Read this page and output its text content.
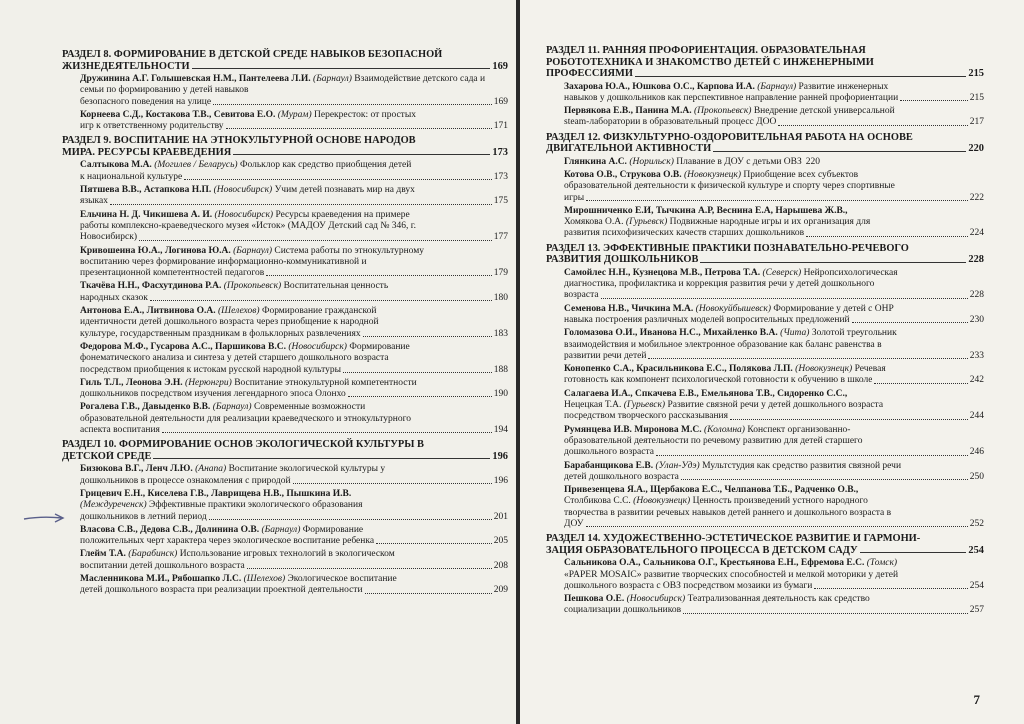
РАЗДЕЛ 8. ФОРМИРОВАНИЕ В ДЕТСКОЙ СРЕДЕ НАВЫКОВ БЕЗОПАСНОЙ
ЖИЗНЕДЕЯТЕЛЬНОСТИ	169
Дружинина А.Г. Голышевская Н.М., Пантелеева Л.И. (Барнаул) Взаимодействие детского сада и семьи по формированию у детей навыков
безопасного поведения на улице	169
Корнеева С.Д., Костакова Т.В., Севитова Е.О. (Мурам) Перекресток: от простых
игр к ответственному родительству	171
РАЗДЕЛ 9. ВОСПИТАНИЕ НА ЭТНОКУЛЬТУРНОЙ ОСНОВЕ НАРОДОВ
МИРА. РЕСУРСЫ КРАЕВЕДЕНИЯ	173
Салтыкова М.А. (Могилев / Беларусь) Фольклор как средство приобщения детей
к национальной культуре	173
Пятшева В.В., Астапкова Н.П. (Новосибирск) Учим детей познавать мир на двух
языках	175
Ельчина Н. Д. Чикишева А. И. (Новосибирск) Ресурсы краеведения на примере
работы комплексно-краеведческого музея «Исток» (МАДОУ Детский сад № 346, г.
Новосибирск)	177
Кривошеина Ю.А., Логинова Ю.А. (Барнаул) Система работы по этнокультурному
воспитанию через формирование информационно-коммуникативной и
презентационной компетентностей педагогов	179
Ткачёва Н.Н., Фасхутдинова Р.А. (Прокопьевск) Воспитательная ценность
народных сказок	180
Антонова Е.А., Литвинова О.А. (Шелехов) Формирование гражданской
идентичности детей дошкольного возраста через приобщение к народной
культуре, государственным праздникам в фольклорных развлечениях	183
Федорова М.Ф., Гусарова А.С., Паршикова В.С. (Новосибирск) Формирование
фонематического анализа и синтеза у детей старшего дошкольного возраста
посредством приобщения к истокам русской народной культуры	188
Гиль Т.Л., Леонова Э.Н. (Нерюнгри) Воспитание этнокультурной компетентности
дошкольников посредством изучения легендарного эпоса Олонхо	190
Рогалева Г.В., Давыденко В.В. (Барнаул) Современные возможности
образовательной деятельности для реализации краеведческого и этнокультурного
аспекта воспитания	194
РАЗДЕЛ 10. ФОРМИРОВАНИЕ ОСНОВ ЭКОЛОГИЧЕСКОЙ КУЛЬТУРЫ В
ДЕТСКОЙ СРЕДЕ	196
Бизюкова В.Г., Ленч Л.Ю. (Анапа) Воспитание экологической культуры у
дошкольников в процессе ознакомления с природой	196
Грицевич Е.Н., Киселева Г.В., Лаврищева Н.В., Пышкина И.В.
(Междуреченск) Эффективные практики экологического образования
дошкольников в летний период	201
Власова С.В., Дедова С.В., Долинина О.В. (Барнаул) Формирование
положительных черт характера через экологическое воспитание ребенка	205
Глейм Т.А. (Барабинск) Использование игровых технологий в экологическом
воспитании детей дошкольного возраста	208
Масленникова М.И., Рябошапко Л.С. (Шелехов) Экологическое воспитание
детей дошкольного возраста при реализации проектной деятельности	209
7
РАЗДЕЛ 11. РАННЯЯ ПРОФОРИЕНТАЦИЯ. ОБРАЗОВАТЕЛЬНАЯ
РОБОТОТЕХНИКА И ЗНАКОМСТВО ДЕТЕЙ С ИНЖЕНЕРНЫМИ
ПРОФЕССИЯМИ	215
Захарова Ю.А., Юшкова О.С., Карпова И.А. (Барнаул) Развитие инженерных
навыков у дошкольников как перспективное направление ранней профориентации	215
Первякова Е.В., Панина М.А. (Прокопьевск) Внедрение детской универсальной
steam-лаборатории в образовательный процесс ДОО	217
РАЗДЕЛ 12. ФИЗКУЛЬТУРНО-ОЗДОРОВИТЕЛЬНАЯ РАБОТА НА ОСНОВЕ
ДВИГАТЕЛЬНОЙ АКТИВНОСТИ	220
Глянкина А.С. (Норильск) Плавание в ДОУ с детьми ОВЗ 220
Котова О.В., Струкова О.В. (Новокузнецк) Приобщение всех субъектов
образовательной деятельности к физической культуре и спорту через спортивные
игры	222
Мирошниченко Е.И, Тычкина А.Р, Веснина Е.А, Нарышева Ж.В.,
Хомякова О.А. (Гурьевск) Подвижные народные игры и их организация для
развития психофизических качеств старших дошкольников	224
РАЗДЕЛ 13. ЭФФЕКТИВНЫЕ ПРАКТИКИ ПОЗНАВАТЕЛЬНО-РЕЧЕВОГО
РАЗВИТИЯ ДОШКОЛЬНИКОВ	228
Самойлес Н.Н., Кузнецова М.В., Петрова Т.А. (Северск) Нейропсихологическая
диагностика, профилактика и коррекция развития речи у детей дошкольного
возраста	228
Семенова Н.В., Чичкина М.А. (Новокуйбышевск) Формирование у детей с ОНР
навыка построения различных моделей вопросительных предложений	230
Голомазова О.И., Иванова Н.С., Михайленко В.А. (Чита) Золотой треугольник
взаимодействия и мобильное электронное образование как баланс равенства в
развитии речи детей	233
Конопенко С.А., Красильникова Е.С., Полякова Л.П. (Новокузнецк) Речевая
готовность как компонент психологической готовности к обучению в школе	242
Салагаева И.А., Спкачева Е.В., Емельянова Т.В., Сидоренко С.С.,
Нецецкая Т.А. (Гурьевск) Развитие связной речи у детей дошкольного возраста
посредством творческого рассказывания	244
Румянцева И.В. Миронова М.С. (Коломна) Конспект организованно-
образовательной деятельности по речевому развитию для детей старшего
дошкольного возраста	246
Барабанщикова Е.В. (Улан-Удэ) Мультстудия как средство развития связной речи
детей дошкольного возраста	250
Привезенцева Я.А., Щербакова Е.С., Челпанова Т.Б., Радченко О.В.,
Столбикова С.С. (Новокузнецк) Ценность произведений устного народного
творчества в развитии речевых навыков детей раннего и дошкольного возраста в
ДОУ	252
РАЗДЕЛ 14. ХУДОЖЕСТВЕННО-ЭСТЕТИЧЕСКОЕ РАЗВИТИЕ И ГАРМОНИ-
ЗАЦИЯ ОБРАЗОВАТЕЛЬНОГО ПРОЦЕССА В ДЕТСКОМ САДУ	254
Сальникова О.А., Сальникова О.Г., Крестьянова Е.Н., Ефремова Е.С. (Томск)
«PAPER MOSAIC» развитие творческих способностей и мелкой моторики у детей
дошкольного возраста с ОВЗ посредством мозаики из бумаги	254
Пешкова О.Е. (Новосибирск) Театрализованная деятельность как средство
социализации дошкольников	257
